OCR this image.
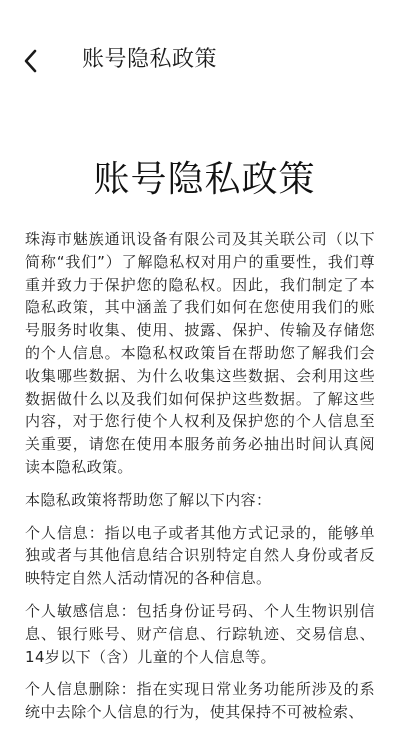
账号隐私政策
账号隐私政策

珠海市魅族通讯设备有限公司及其关联公司（以下简称“我们”）了解隐私权对用户的重要性，我们尊重并致力于保护您的隐私权。因此，我们制定了本隐私政策，其中涵盖了我们如何在您使用我们的账号服务时收集、使用、披露、保护、传输及存储您的个人信息。本隐私权政策旨在帮助您了解我们会收集哪些数据、为什么收集这些数据、会利用这些数据做什么以及我们如何保护这些数据。了解这些内容，对于您行使个人权利及保护您的个人信息至关重要，请您在使用本服务前务必抽出时间认真阅读本隐私政策。

本隐私政策将帮助您了解以下内容：

个人信息：指以电子或者其他方式记录的，能够单独或者与其他信息结合识别特定自然人身份或者反映特定自然人活动情况的各种信息。

个人敏感信息：包括身份证号码、个人生物识别信息、银行账号、财产信息、行踪轨迹、交易信息、14岁以下（含）儿童的个人信息等。

个人信息删除：指在实现日常业务功能所涉及的系统中去除个人信息的行为，使其保持不可被检索、
